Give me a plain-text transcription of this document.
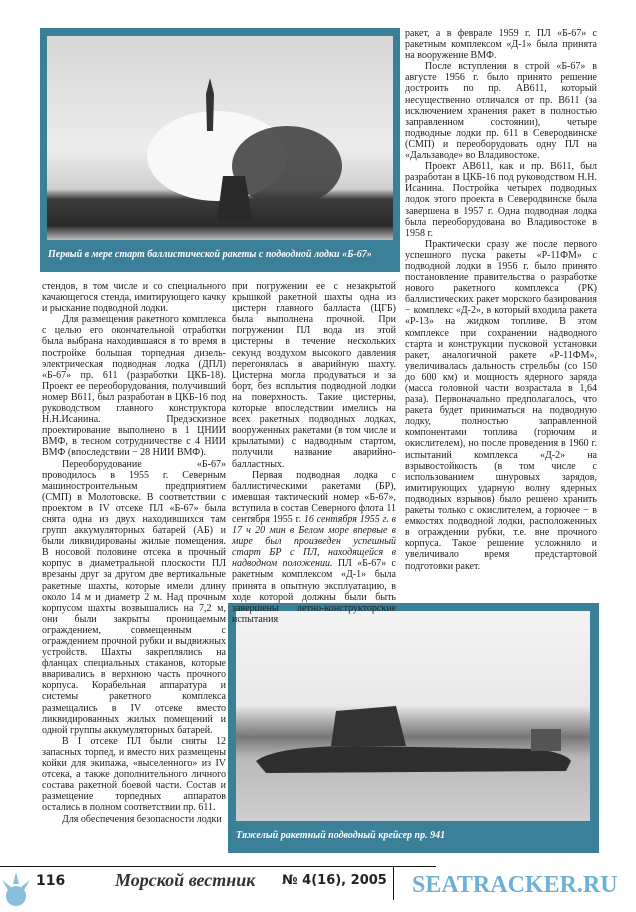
Первый в мере старт баллистической ракеты с подводной лодки «Б-67»
Тяжелый ракетный подводный крейсер пр. 941

стендов, в том числе и со специального качающегося стенда, имитирующего качку и рыскание подводной лодки.

Для размещения ракетного комплекса с целью его окончательной отработки была выбрана находившаяся в то время в постройке большая торпедная дизель-электрическая подводная лодка (ДПЛ) «Б-67» пр. 611 (разработки ЦКБ-18). Проект ее переоборудования, получивший номер В611, был разработан в ЦКБ-16 под руководством главного конструктора Н.Н.Исанина. Предэскизное проектирование выполнено в 1 ЦНИИ ВМФ, в тесном сотрудничестве с 4 НИИ ВМФ (впоследствии − 28 НИИ ВМФ).

Переоборудование «Б-67» проводилось в 1955 г. Северным машиностроительным предприятием (СМП) в Молотовске. В соответствии с проектом в IV отсеке ПЛ «Б-67» была снята одна из двух находившихся там групп аккумуляторных батарей (АБ) и были ликвидированы жилые помещения. В носовой половине отсека в прочный корпус в диаметральной плоскости ПЛ врезаны друг за другом две вертикальные ракетные шахты, которые имели длину около 14 м и диаметр 2 м. Над прочным корпусом шахты возвышались на 7,2 м, они были закрыты проницаемым ограждением, совмещенным с ограждением прочной рубки и выдвижных устройств. Шахты закреплялись на фланцах специальных стаканов, которые вваривались в верхнюю часть прочного корпуса. Корабельная аппаратура и системы ракетного комплекса размещались в IV отсеке вместо ликвидированных жилых помещений и одной группы аккумуляторных батарей.

В I отсеке ПЛ были сняты 12 запасных торпед, и вместо них размещены койки для экипажа, «выселенного» из IV отсека, а также дополнительного личного состава ракетной боевой части. Состав и размещение торпедных аппаратов остались в полном соответствии пр. 611.

Для обеспечения безопасности лодки

при погружении ее с незакрытой крышкой ракетной шахты одна из цистерн главного балласта (ЦГБ) была выполнена прочной. При погружении ПЛ вода из этой цистерны в течение нескольких секунд воздухом высокого давления перегонялась в аварийную шахту. Цистерна могла продуваться и за борт, без всплытия подводной лодки на поверхность. Такие цистерны, которые впоследствии имелись на всех ракетных подводных лодках, вооруженных ракетами (в том числе и крылатыми) с надводным стартом, получили название аварийно-балластных.

Первая подводная лодка с баллистическими ракетами (БР), имевшая тактический номер «Б-67», вступила в состав Северного флота 11 сентября 1955 г. 16 сентября 1955 г. в 17 ч 20 мин в Белом море впервые в мире был произведен успешный старт БР с ПЛ, находящейся в надводном положении. ПЛ «Б-67» с ракетным комплексом «Д-1» была принята в опытную эксплуатацию, в ходе которой должны были быть завершены летно-конструкторские испытания

ракет, а в феврале 1959 г. ПЛ «Б-67» с ракетным комплексом «Д-1» была принята на вооружение ВМФ.

После вступления в строй «Б-67» в августе 1956 г. было принято решение достроить по пр. АВ611, который несущественно отличался от пр. В611 (за исключением хранения ракет в полностью заправленном состоянии), четыре подводные лодки пр. 611 в Северодвинске (СМП) и переоборудовать одну ПЛ на «Дальзаводе» во Владивостоке.

Проект АВ611, как и пр. В611, был разработан в ЦКБ-16 под руководством Н.Н. Исанина. Постройка четырех подводных лодок этого проекта в Северодвинске была завершена в 1957 г. Одна подводная лодка была переоборудована во Владивостоке в 1958 г.

Практически сразу же после первого успешного пуска ракеты «Р-11ФМ» с подводной лодки в 1956 г. было принято постановление правительства о разработке нового ракетного комплекса (РК) баллистических ракет морского базирования − комплекс «Д-2», в который входила ракета «Р-13» на жидком топливе. В этом комплексе при сохранении надводного старта и конструкции пусковой установки ракет, аналогичной ракете «Р-11ФМ», увеличивалась дальность стрельбы (со 150 до 600 км) и мощность ядерного заряда (масса головной части возрастала в 1,64 раза). Первоначально предполагалось, что ракета будет приниматься на подводную лодку, полностью заправленной компонентами топлива (горючим и окислителем), но после проведения в 1960 г. испытаний комплекса «Д-2» на взрывостойкость (в том числе с использованием шнуровых зарядов, имитирующих ударную волну ядерных подводных взрывов) было решено хранить ракеты только с окислителем, а горючее − в емкостях подводной лодки, расположенных в ограждении рубки, т.е. вне прочного корпуса. Такое решение усложняло и увеличивало время предстартовой подготовки ракет.

SEATRACKER.RU
116	Морской вестник № 4(16), 2005
